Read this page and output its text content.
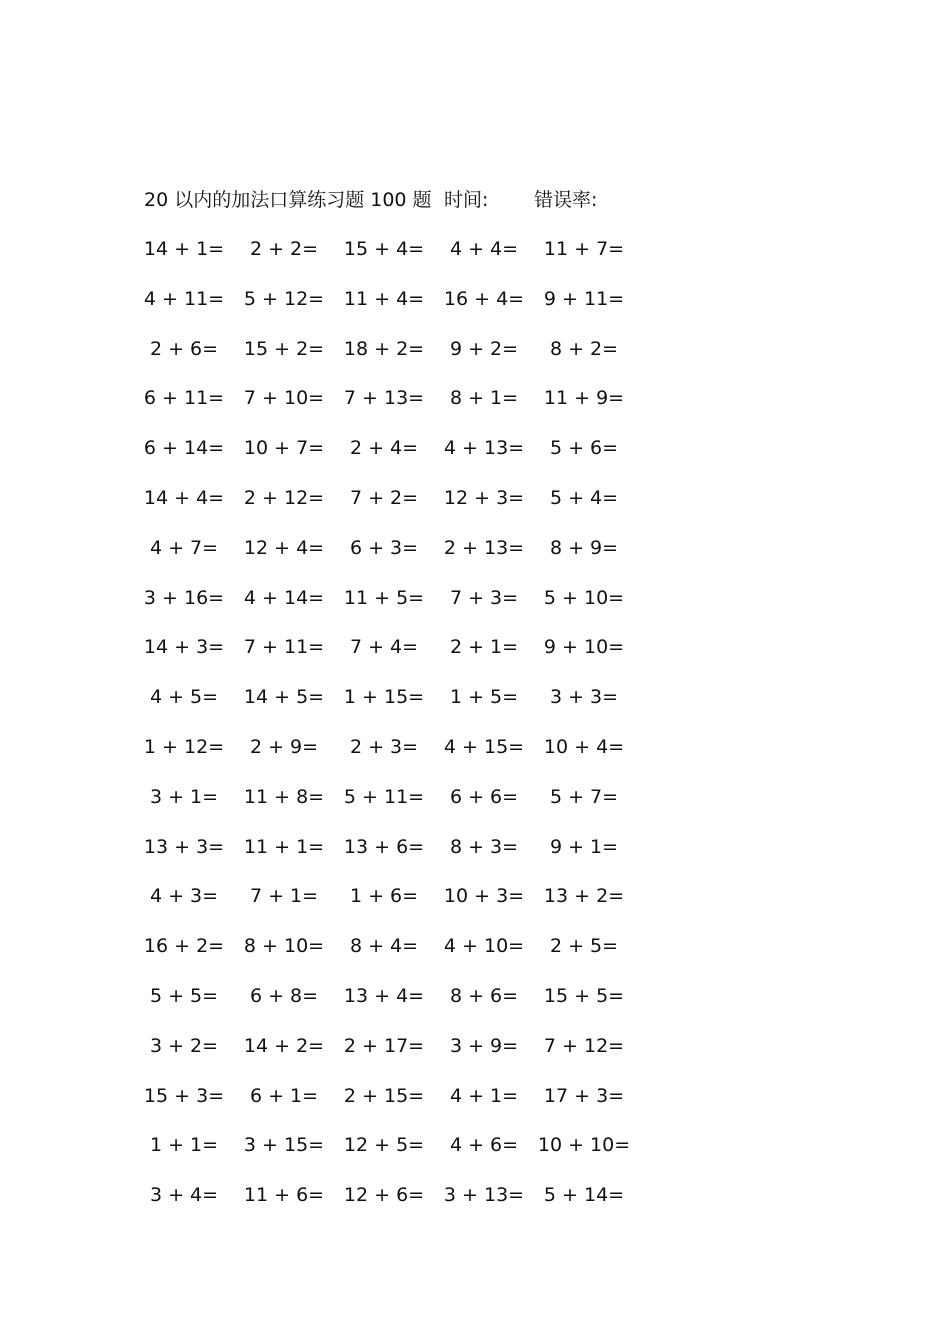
20 以内的加法口算练习题 100 题 时间: 错误率:
14 + 1=	2 + 2=	15 + 4=	4 + 4=	11 + 7=
4 + 11=	5 + 12=	11 + 4=	16 + 4=	9 + 11=
2 + 6=	15 + 2=	18 + 2=	9 + 2=	8 + 2=
6 + 11=	7 + 10=	7 + 13=	8 + 1=	11 + 9=
6 + 14=	10 + 7=	2 + 4=	4 + 13=	5 + 6=
14 + 4=	2 + 12=	7 + 2=	12 + 3=	5 + 4=
4 + 7=	12 + 4=	6 + 3=	2 + 13=	8 + 9=
3 + 16=	4 + 14=	11 + 5=	7 + 3=	5 + 10=
14 + 3=	7 + 11=	7 + 4=	2 + 1=	9 + 10=
4 + 5=	14 + 5=	1 + 15=	1 + 5=	3 + 3=
1 + 12=	2 + 9=	2 + 3=	4 + 15=	10 + 4=
3 + 1=	11 + 8=	5 + 11=	6 + 6=	5 + 7=
13 + 3=	11 + 1=	13 + 6=	8 + 3=	9 + 1=
4 + 3=	7 + 1=	1 + 6=	10 + 3=	13 + 2=
16 + 2=	8 + 10=	8 + 4=	4 + 10=	2 + 5=
5 + 5=	6 + 8=	13 + 4=	8 + 6=	15 + 5=
3 + 2=	14 + 2=	2 + 17=	3 + 9=	7 + 12=
15 + 3=	6 + 1=	2 + 15=	4 + 1=	17 + 3=
1 + 1=	3 + 15=	12 + 5=	4 + 6=	10 + 10=
3 + 4=	11 + 6=	12 + 6=	3 + 13=	5 + 14=
